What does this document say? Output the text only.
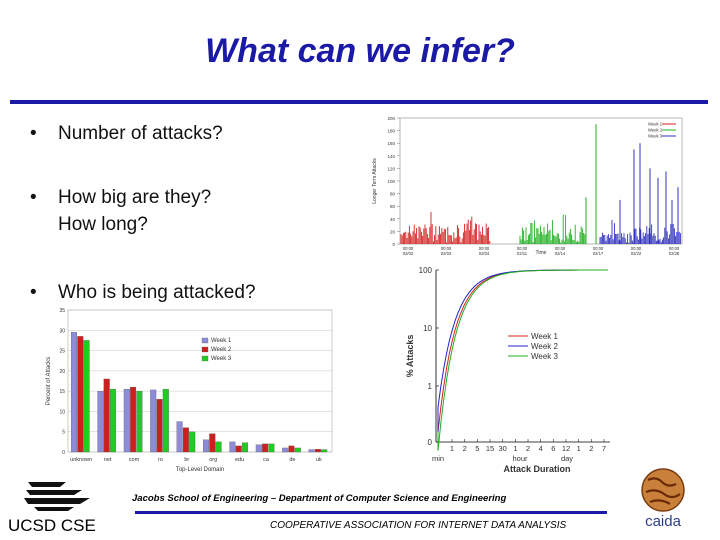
What can we infer?
• Number of attacks?
• How big are they?
How long?
• Who is being attacked?
0
20
40
60
80
100
120
140
160
180
200
Longer Term Attacks
Time
00:00
02/02
00:00
02/03
00:00
02/04
00:00
02/11
00:00
02/14
00:00
02/17
00:00
02/22
00:00
02/28
Week 1
Week 2
Week 3
0
1
10
100
% Attacks
1 2 5 15 30 1 2 4 6 12 1 2 7
min	hour	day
Attack Duration
Week 1
Week 2
Week 3
0
5
10
15
20
25
30
35
Percent of Attacks
unknown net	com	ro	br	org	edu	ca	de	uk
Top-Level Domain
Week 1
Week 2
Week 3
UCSD CSE
Jacobs School of Engineering – Department of Computer Science and Engineering
COOPERATIVE ASSOCIATION FOR INTERNET DATA ANALYSIS	caida
